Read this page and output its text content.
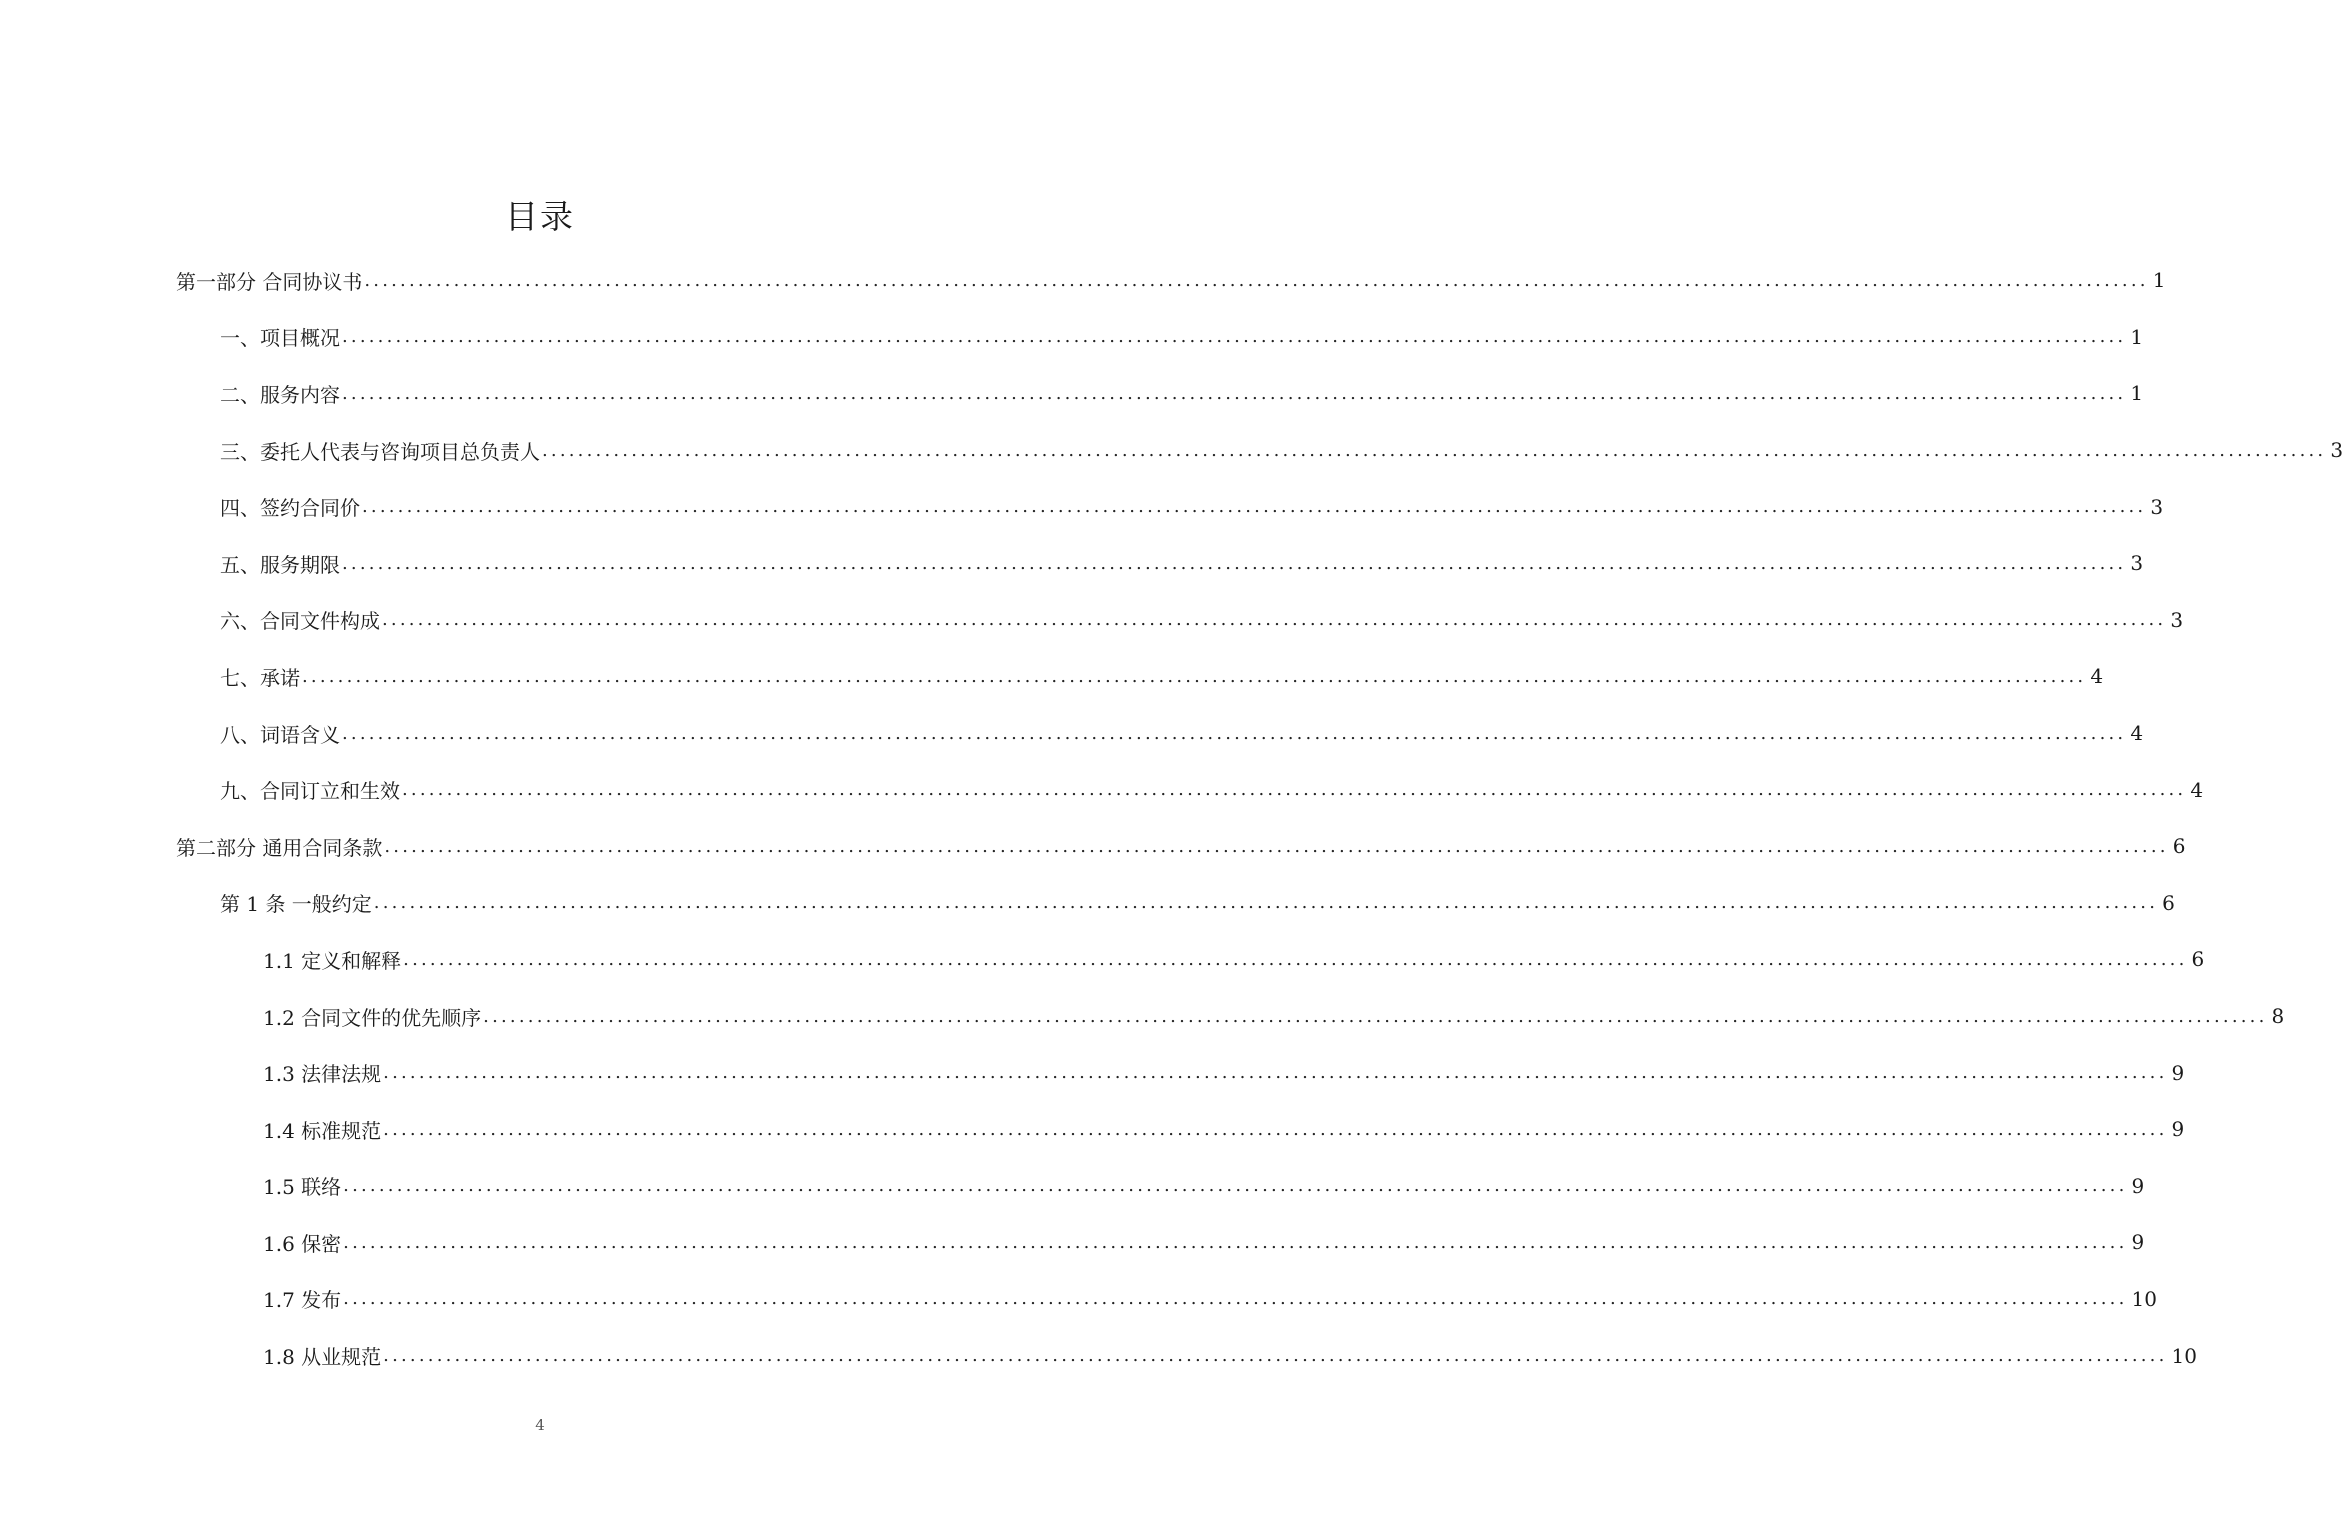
目录
第一部分 合同协议书 ........................................................................................................................................................................................................ 1
一、项目概况 ........................................................................................................................................................................................................ 1
二、服务内容 ........................................................................................................................................................................................................ 1
三、委托人代表与咨询项目总负责人 ........................................................................................................................................................................................................ 3
四、签约合同价 ........................................................................................................................................................................................................ 3
五、服务期限 ........................................................................................................................................................................................................ 3
六、合同文件构成 ........................................................................................................................................................................................................ 3
七、承诺 ........................................................................................................................................................................................................ 4
八、词语含义 ........................................................................................................................................................................................................ 4
九、合同订立和生效 ........................................................................................................................................................................................................ 4
第二部分 通用合同条款 ........................................................................................................................................................................................................ 6
第 1 条 一般约定 ........................................................................................................................................................................................................ 6
1.1 定义和解释 ........................................................................................................................................................................................................ 6
1.2 合同文件的优先顺序 ........................................................................................................................................................................................................ 8
1.3 法律法规 ........................................................................................................................................................................................................ 9
1.4 标准规范 ........................................................................................................................................................................................................ 9
1.5 联络 ........................................................................................................................................................................................................ 9
1.6 保密 ........................................................................................................................................................................................................ 9
1.7 发布 ........................................................................................................................................................................................................ 10
1.8 从业规范 ........................................................................................................................................................................................................ 10
4
